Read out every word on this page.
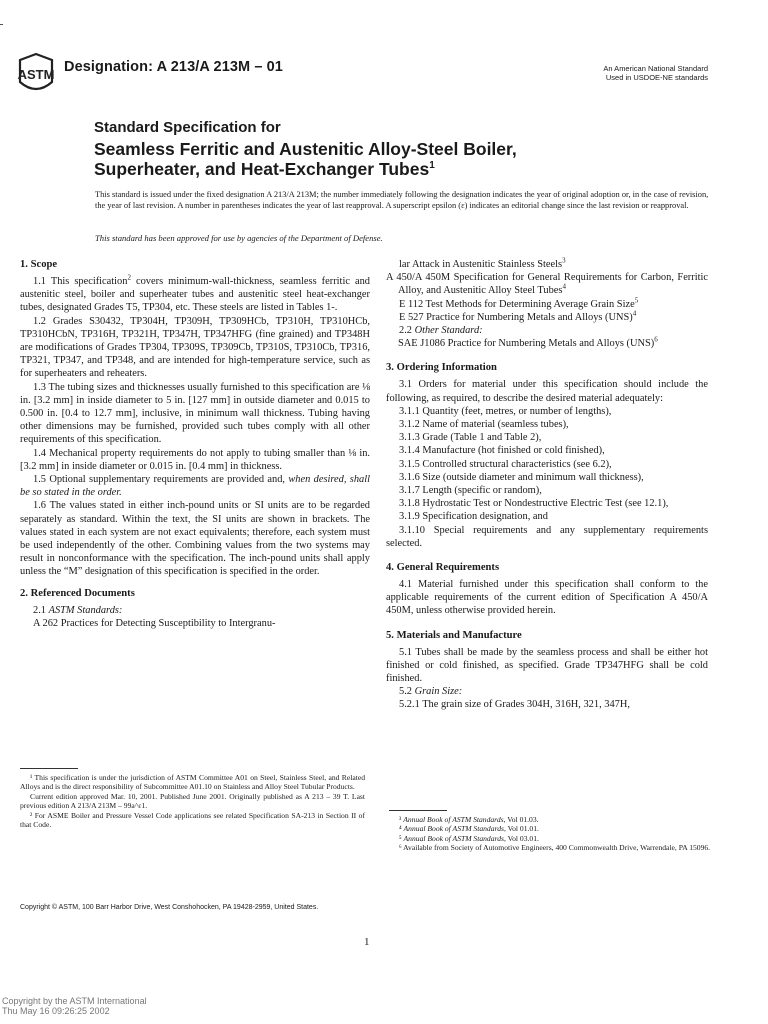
ASTM Designation: A 213/A 213M – 01	An American National Standard
Used in USDOE-NE standards
Standard Specification for
Seamless Ferritic and Austenitic Alloy-Steel Boiler,
Superheater, and Heat-Exchanger Tubes$^1$
This standard is issued under the fixed designation A 213/A 213M; the number immediately following the designation indicates the year of original adoption or, in the case of revision, the year of last revision. A number in parentheses indicates the year of last reapproval. A superscript epsilon (ε) indicates an editorial change since the last revision or reapproval.
This standard has been approved for use by agencies of the Department of Defense.
1. Scope

1.1 This specification$^2$ covers minimum-wall-thickness, seamless ferritic and austenitic steel, boiler and superheater tubes and austenitic steel heat-exchanger tubes, designated Grades T5, TP304, etc. These steels are listed in Tables 1-.

1.2 Grades S30432, TP304H, TP309H, TP309HCb, TP310H, TP310HCb, TP310HCbN, TP316H, TP321H, TP347H, TP347HFG (fine grained) and TP348H are modifications of Grades TP304, TP309S, TP309Cb, TP310S, TP310Cb, TP316, TP321, TP347, and TP348, and are intended for high-temperature service, such as for superheaters and reheaters.

1.3 The tubing sizes and thicknesses usually furnished to this specification are ⅛ in. [3.2 mm] in inside diameter to 5 in. [127 mm] in outside diameter and 0.015 to 0.500 in. [0.4 to 12.7 mm], inclusive, in minimum wall thickness. Tubing having other dimensions may be furnished, provided such tubes comply with all other requirements of this specification.

1.4 Mechanical property requirements do not apply to tubing smaller than ⅛ in. [3.2 mm] in inside diameter or 0.015 in. [0.4 mm] in thickness.

1.5 Optional supplementary requirements are provided and, when desired, shall be so stated in the order.

1.6 The values stated in either inch-pound units or SI units are to be regarded separately as standard. Within the text, the SI units are shown in brackets. The values stated in each system are not exact equivalents; therefore, each system must be used independently of the other. Combining values from the two systems may result in nonconformance with the specification. The inch-pound units shall apply unless the “M” designation of this specification is specified in the order.

2. Referenced Documents

2.1 ASTM Standards:

A 262 Practices for Detecting Susceptibility to Intergranu-

lar Attack in Austenitic Stainless Steels$^3$

A 450/A 450M Specification for General Requirements for Carbon, Ferritic Alloy, and Austenitic Alloy Steel Tubes$^4$

E 112 Test Methods for Determining Average Grain Size$^5$

E 527 Practice for Numbering Metals and Alloys (UNS)$^4$

2.2 Other Standard:

SAE J1086 Practice for Numbering Metals and Alloys (UNS)$^6$

3. Ordering Information

3.1 Orders for material under this specification should include the following, as required, to describe the desired material adequately:

3.1.1 Quantity (feet, metres, or number of lengths),

3.1.2 Name of material (seamless tubes),

3.1.3 Grade (Table 1 and Table 2),

3.1.4 Manufacture (hot finished or cold finished),

3.1.5 Controlled structural characteristics (see 6.2),

3.1.6 Size (outside diameter and minimum wall thickness),

3.1.7 Length (specific or random),

3.1.8 Hydrostatic Test or Nondestructive Electric Test (see 12.1),

3.1.9 Specification designation, and

3.1.10 Special requirements and any supplementary requirements selected.

4. General Requirements

4.1 Material furnished under this specification shall conform to the applicable requirements of the current edition of Specification A 450/A 450M, unless otherwise provided herein.

5. Materials and Manufacture

5.1 Tubes shall be made by the seamless process and shall be either hot finished or cold finished, as specified. Grade TP347HFG shall be cold finished.

5.2 Grain Size:

5.2.1 The grain size of Grades 304H, 316H, 321, 347H,

¹ This specification is under the jurisdiction of ASTM Committee A01 on Steel, Stainless Steel, and Related Alloys and is the direct responsibility of Subcommittee A01.10 on Stainless and Alloy Steel Tubular Products.

Current edition approved Mar. 10, 2001. Published June 2001. Originally published as A 213 – 39 T. Last previous edition A 213/A 213M – 99a^ε1.

² For ASME Boiler and Pressure Vessel Code applications see related Specification SA-213 in Section II of that Code.

³ Annual Book of ASTM Standards, Vol 01.03.

⁴ Annual Book of ASTM Standards, Vol 01.01.

⁵ Annual Book of ASTM Standards, Vol 03.01.

⁶ Available from Society of Automotive Engineers, 400 Commonwealth Drive, Warrendale, PA 15096.

Copyright © ASTM, 100 Barr Harbor Drive, West Conshohocken, PA 19428-2959, United States.
1
Copyright by the ASTM International
Thu May 16 09:26:25 2002
